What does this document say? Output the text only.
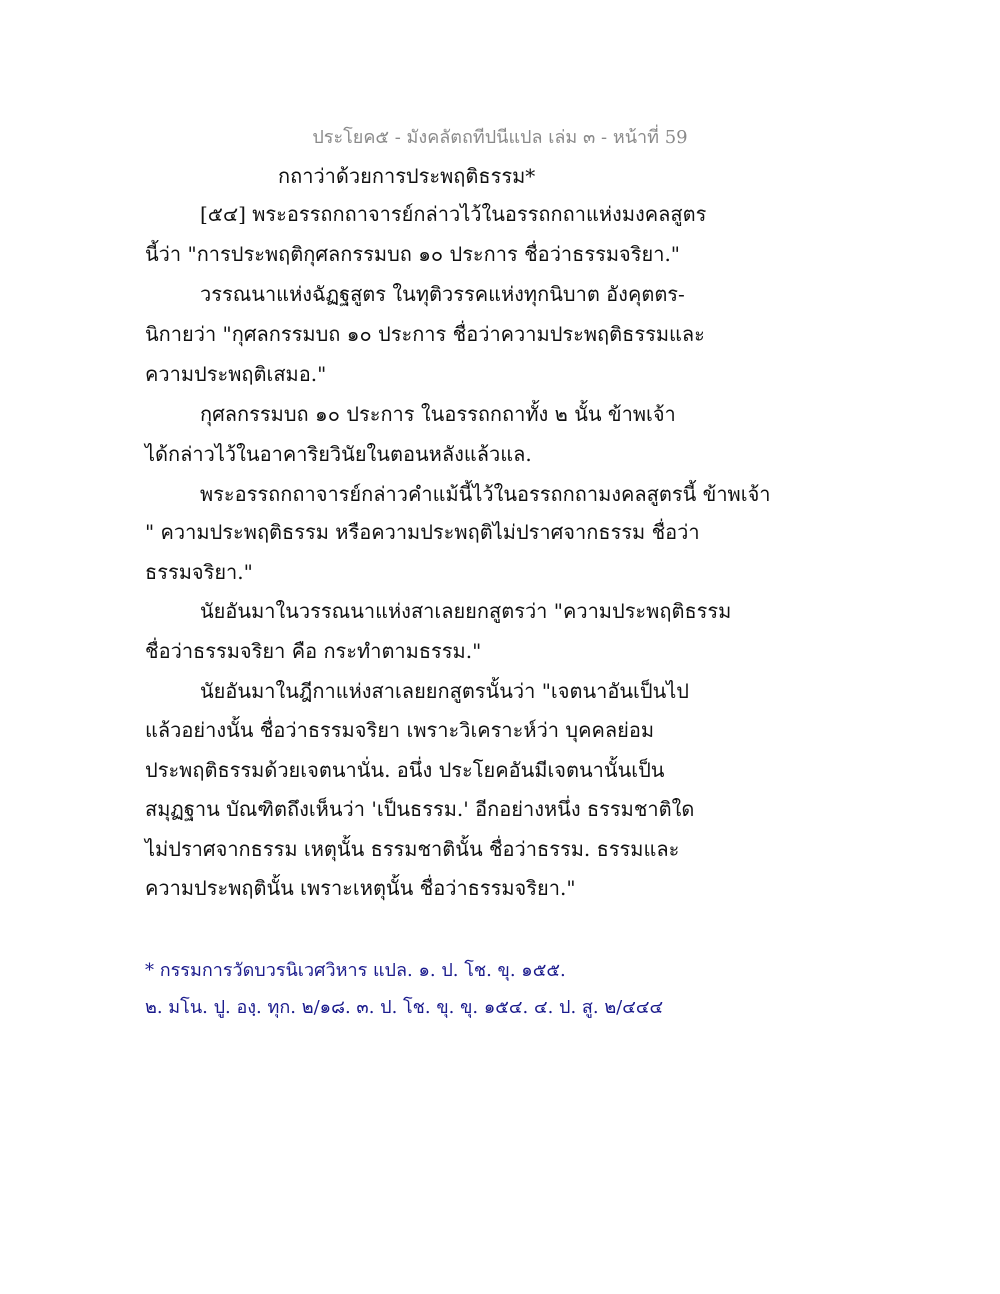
ประโยค๕ - มังคลัตถทีปนีแปล เล่ม ๓ - หน้าที่ 59
กถาว่าด้วยการประพฤติธรรม*
[๕๔] พระอรรถกถาจารย์กล่าวไว้ในอรรถกถาแห่งมงคลสูตร
นี้ว่า "การประพฤติกุศลกรรมบถ ๑๐ ประการ ชื่อว่าธรรมจริยา."
วรรณนาแห่งฉัฏฐสูตร ในทุติวรรคแห่งทุกนิบาต อังคุตตร-
นิกายว่า "กุศลกรรมบถ ๑๐ ประการ ชื่อว่าความประพฤติธรรมและ
ความประพฤติเสมอ."
กุศลกรรมบถ ๑๐ ประการ ในอรรถกถาทั้ง ๒ นั้น ข้าพเจ้า
ได้กล่าวไว้ในอาคาริยวินัยในตอนหลังแล้วแล.
พระอรรถกถาจารย์กล่าวคำแม้นี้ไว้ในอรรถกถามงคลสูตรนี้ ข้าพเจ้า
" ความประพฤติธรรม หรือความประพฤติไม่ปราศจากธรรม ชื่อว่า
ธรรมจริยา."
นัยอันมาในวรรณนาแห่งสาเลยยกสูตรว่า "ความประพฤติธรรม
ชื่อว่าธรรมจริยา คือ กระทำตามธรรม."
นัยอันมาในฎีกาแห่งสาเลยยกสูตรนั้นว่า "เจตนาอันเป็นไป
แล้วอย่างนั้น ชื่อว่าธรรมจริยา เพราะวิเคราะห์ว่า บุคคลย่อม
ประพฤติธรรมด้วยเจตนานั่น. อนึ่ง ประโยคอันมีเจตนานั้นเป็น
สมุฏฐาน บัณฑิตถึงเห็นว่า 'เป็นธรรม.' อีกอย่างหนึ่ง ธรรมชาติใด
ไม่ปราศจากธรรม เหตุนั้น ธรรมชาตินั้น ชื่อว่าธรรม. ธรรมและ
ความประพฤตินั้น เพราะเหตุนั้น ชื่อว่าธรรมจริยา."
* กรรมการวัดบวรนิเวศวิหาร แปล. ๑. ป. โช. ขุ. ๑๕๕.
๒. มโน. ปู. องฺ. ทุก. ๒/๑๘. ๓. ป. โช. ขุ. ขุ. ๑๕๔. ๔. ป. สู. ๒/๔๔๔
